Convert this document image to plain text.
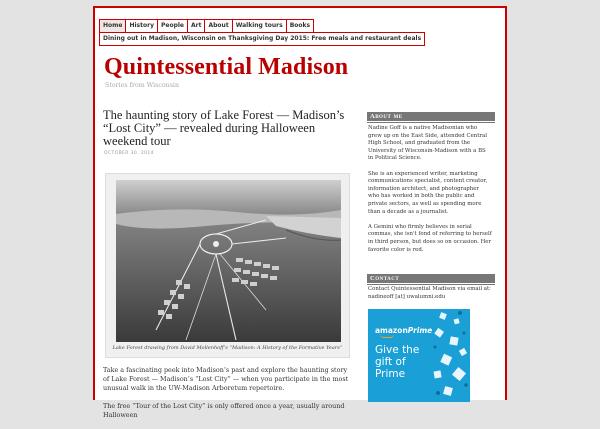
Home	History	People	Art	About	Walking tours	Books
Dining out in Madison, Wisconsin on Thanksgiving Day 2015: Free meals and restaurant deals
Quintessential Madison
Stories from Wisconsin
The haunting story of Lake Forest — Madison’s “Lost City” — revealed during Halloween weekend tour
OCTOBER 30, 2014
Lake Forest drawing from David Mollenhoff’s “Madison: A History of the Formative Years”

Take a fascinating peek into Madison’s past and explore the haunting story of Lake Forest — Madison’s “Lost City” — when you participate in the most unusual walk in the UW-Madison Arboretum repertoire.

The free “Tour of the Lost City” is only offered once a year, usually around Halloween

About me

Nadine Goff is a native Madisonian who grew up on the East Side, attended Central High School, and graduated from the University of Wisconsin-Madison with a BS in Political Science.

She is an experienced writer, marketing communications specialist, content creator, information architect, and photographer who has worked in both the public and private sectors, as well as spending more than a decade as a journalist.

A Gemini who firmly believes in serial commas, she isn't fond of referring to herself in third person, but does so on occasion. Her favorite color is red.

Contact
Contact Quintessential Madison via email at: nadineoff [at] uwalumni.edu
amazonPrime
Give the gift of Prime
